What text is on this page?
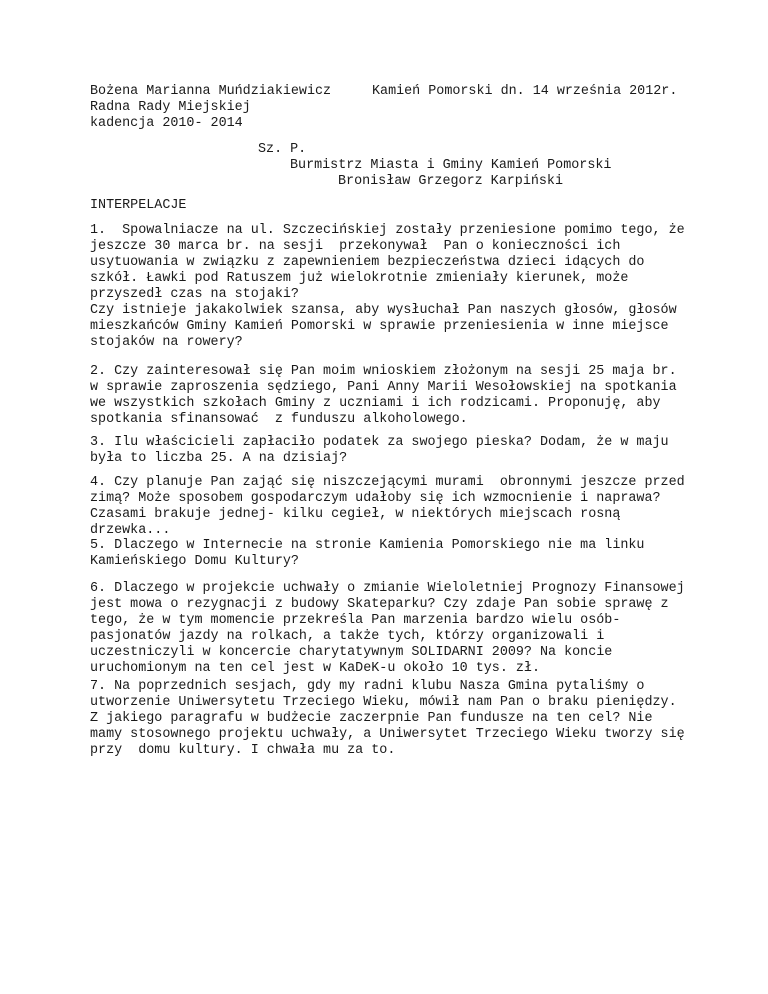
Bożena Marianna Muńdziakiewicz	Kamień Pomorski dn. 14 września 2012r.

Radna Rady Miejskiej

kadencja 2010- 2014

Sz. P.

Burmistrz Miasta i Gminy Kamień Pomorski

Bronisław Grzegorz Karpiński

INTERPELACJE

1.  Spowalniacze na ul. Szczecińskiej zostały przeniesione pomimo tego, że
jeszcze 30 marca br. na sesji  przekonywał  Pan o konieczności ich
usytuowania w związku z zapewnieniem bezpieczeństwa dzieci idących do
szkół. Ławki pod Ratuszem już wielokrotnie zmieniały kierunek, może
przyszedł czas na stojaki?
Czy istnieje jakakolwiek szansa, aby wysłuchał Pan naszych głosów, głosów
mieszkańców Gminy Kamień Pomorski w sprawie przeniesienia w inne miejsce
stojaków na rowery?

2. Czy zainteresował się Pan moim wnioskiem złożonym na sesji 25 maja br.
w sprawie zaproszenia sędziego, Pani Anny Marii Wesołowskiej na spotkania
we wszystkich szkołach Gminy z uczniami i ich rodzicami. Proponuję, aby
spotkania sfinansować  z funduszu alkoholowego.

3. Ilu właścicieli zapłaciło podatek za swojego pieska? Dodam, że w maju
była to liczba 25. A na dzisiaj?

4. Czy planuje Pan zająć się niszczejącymi murami  obronnymi jeszcze przed
zimą? Może sposobem gospodarczym udałoby się ich wzmocnienie i naprawa?
Czasami brakuje jednej- kilku cegieł, w niektórych miejscach rosną
drzewka...

5. Dlaczego w Internecie na stronie Kamienia Pomorskiego nie ma linku
Kamieńskiego Domu Kultury?

6. Dlaczego w projekcie uchwały o zmianie Wieloletniej Prognozy Finansowej
jest mowa o rezygnacji z budowy Skateparku? Czy zdaje Pan sobie sprawę z
tego, że w tym momencie przekreśla Pan marzenia bardzo wielu osób-
pasjonatów jazdy na rolkach, a także tych, którzy organizowali i
uczestniczyli w koncercie charytatywnym SOLIDARNI 2009? Na koncie
uruchomionym na ten cel jest w KaDeK-u około 10 tys. zł.

7. Na poprzednich sesjach, gdy my radni klubu Nasza Gmina pytaliśmy o
utworzenie Uniwersytetu Trzeciego Wieku, mówił nam Pan o braku pieniędzy.
Z jakiego paragrafu w budżecie zaczerpnie Pan fundusze na ten cel? Nie
mamy stosownego projektu uchwały, a Uniwersytet Trzeciego Wieku tworzy się
przy  domu kultury. I chwała mu za to.
